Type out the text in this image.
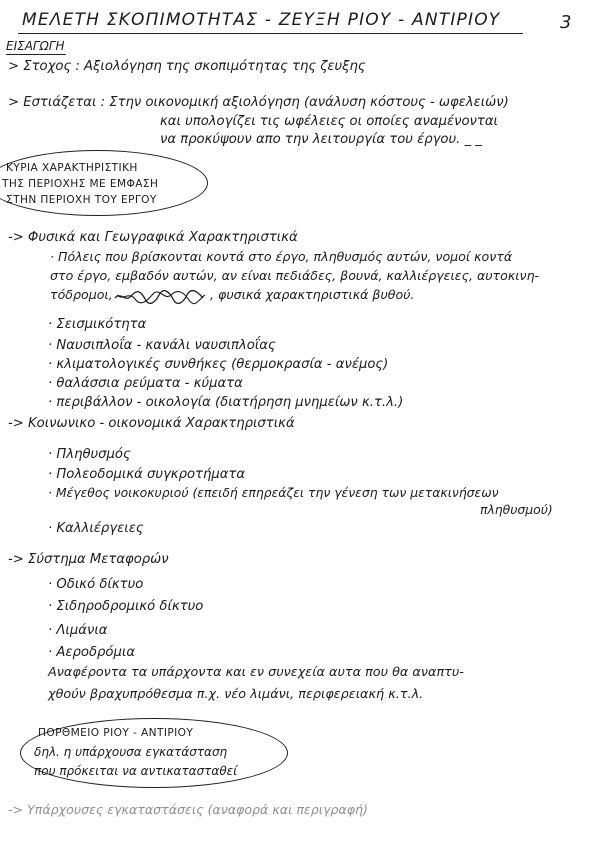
ΜΕΛΕΤΗ ΣΚΟΠΙΜΟΤΗΤΑΣ - ΖΕΥΞΗ ΡΙΟΥ - ΑΝΤΙΡΙΟΥ	3
ΕΙΣΑΓΩΓΗ
> Στοχος : Αξιολόγηση της σκοπιμότητας της ζευξης
> Εστιάζεται : Στην οικονομική αξιολόγηση (ανάλυση κόστους - ωφελειών)
και υπολογίζει τις ωφέλειες οι οποίες αναμένονται
να προκύψουν απο την λειτουργία του έργου. _ _
ΚΥΡΙΑ ΧΑΡΑΚΤΗΡΙΣΤΙΚΗ
ΤΗΣ ΠΕΡΙΟΧΗΣ ΜΕ ΕΜΦΑΣΗ
ΣΤΗΝ ΠΕΡΙΟΧΗ ΤΟΥ ΕΡΓΟΥ
-> Φυσικά και Γεωγραφικά Χαρακτηριστικά
· Πόλεις που βρίσκονται κοντά στο έργο, πληθυσμός αυτών, νομοί κοντά
στο έργο, εμβαδόν αυτών, αν είναι πεδιάδες, βουνά, καλλιέργειες, αυτοκινη-
τόδρομοι,	, φυσικά χαρακτηριστικά βυθού.
· Σεισμικότητα
· Ναυσιπλοΐα - κανάλι ναυσιπλοΐας
· κλιματολογικές συνθήκες (θερμοκρασία - ανέμος)
· θαλάσσια ρεύματα - κύματα
· περιβάλλον - οικολογία (διατήρηση μνημείων κ.τ.λ.)
-> Κοινωνικο - οικονομικά Χαρακτηριστικά
· Πληθυσμός
· Πολεοδομικά συγκροτήματα
· Μέγεθος νοικοκυριού (επειδή επηρεάζει την γένεση των μετακινήσεων
πληθυσμού)
· Καλλιέργειες
-> Σύστημα Μεταφορών
· Οδικό δίκτυο
· Σιδηροδρομικό δίκτυο
· Λιμάνια
· Αεροδρόμια
Αναφέροντα τα υπάρχοντα και εν συνεχεία αυτα που θα αναπτυ-
χθούν βραχυπρόθεσμα π.χ. νέο λιμάνι, περιφερειακή κ.τ.λ.
ΠΟΡΘΜΕΙΟ ΡΙΟΥ - ΑΝΤΙΡΙΟΥ
δηλ. η υπάρχουσα εγκατάσταση
που πρόκειται να αντικατασταθεί
-> Υπάρχουσες εγκαταστάσεις (αναφορά και περιγραφή)
